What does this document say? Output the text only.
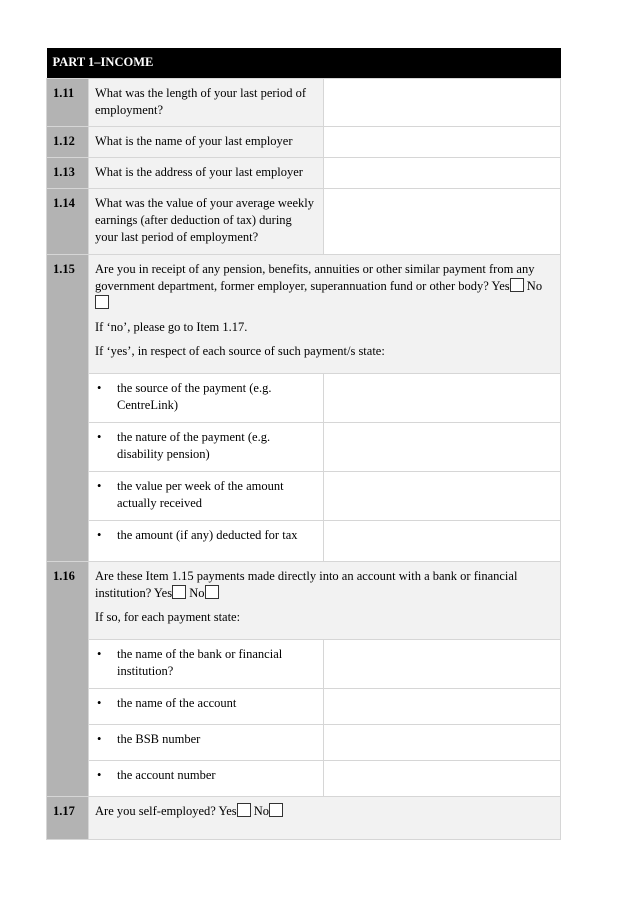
PART 1–INCOME		
1.11	What was the length of your last period of employment?	
1.12	What is the name of your last employer	
1.13	What is the address of your last employer	
1.14	What was the value of your average weekly earnings (after deduction of tax) during your last period of employment?	
1.15	Are you in receipt of any pension, benefits, annuities or other similar payment from any government department, former employer, superannuation fund or other body? Yes No

If ‘no’, please go to Item 1.17.

If ‘yes’, in respect of each source of such payment/s state:	

	• the source of the payment (e.g. CentreLink)	

	• the nature of the payment (e.g. disability pension)	

	• the value per week of the amount actually received	

	• the amount (if any) deducted for tax	

1.16	Are these Item 1.15 payments made directly into an account with a bank or financial institution? Yes No

If so, for each payment state:	

	• the name of the bank or financial institution?	

	• the name of the account	

	• the BSB number	

	• the account number	

1.17	Are you self-employed? Yes No	
